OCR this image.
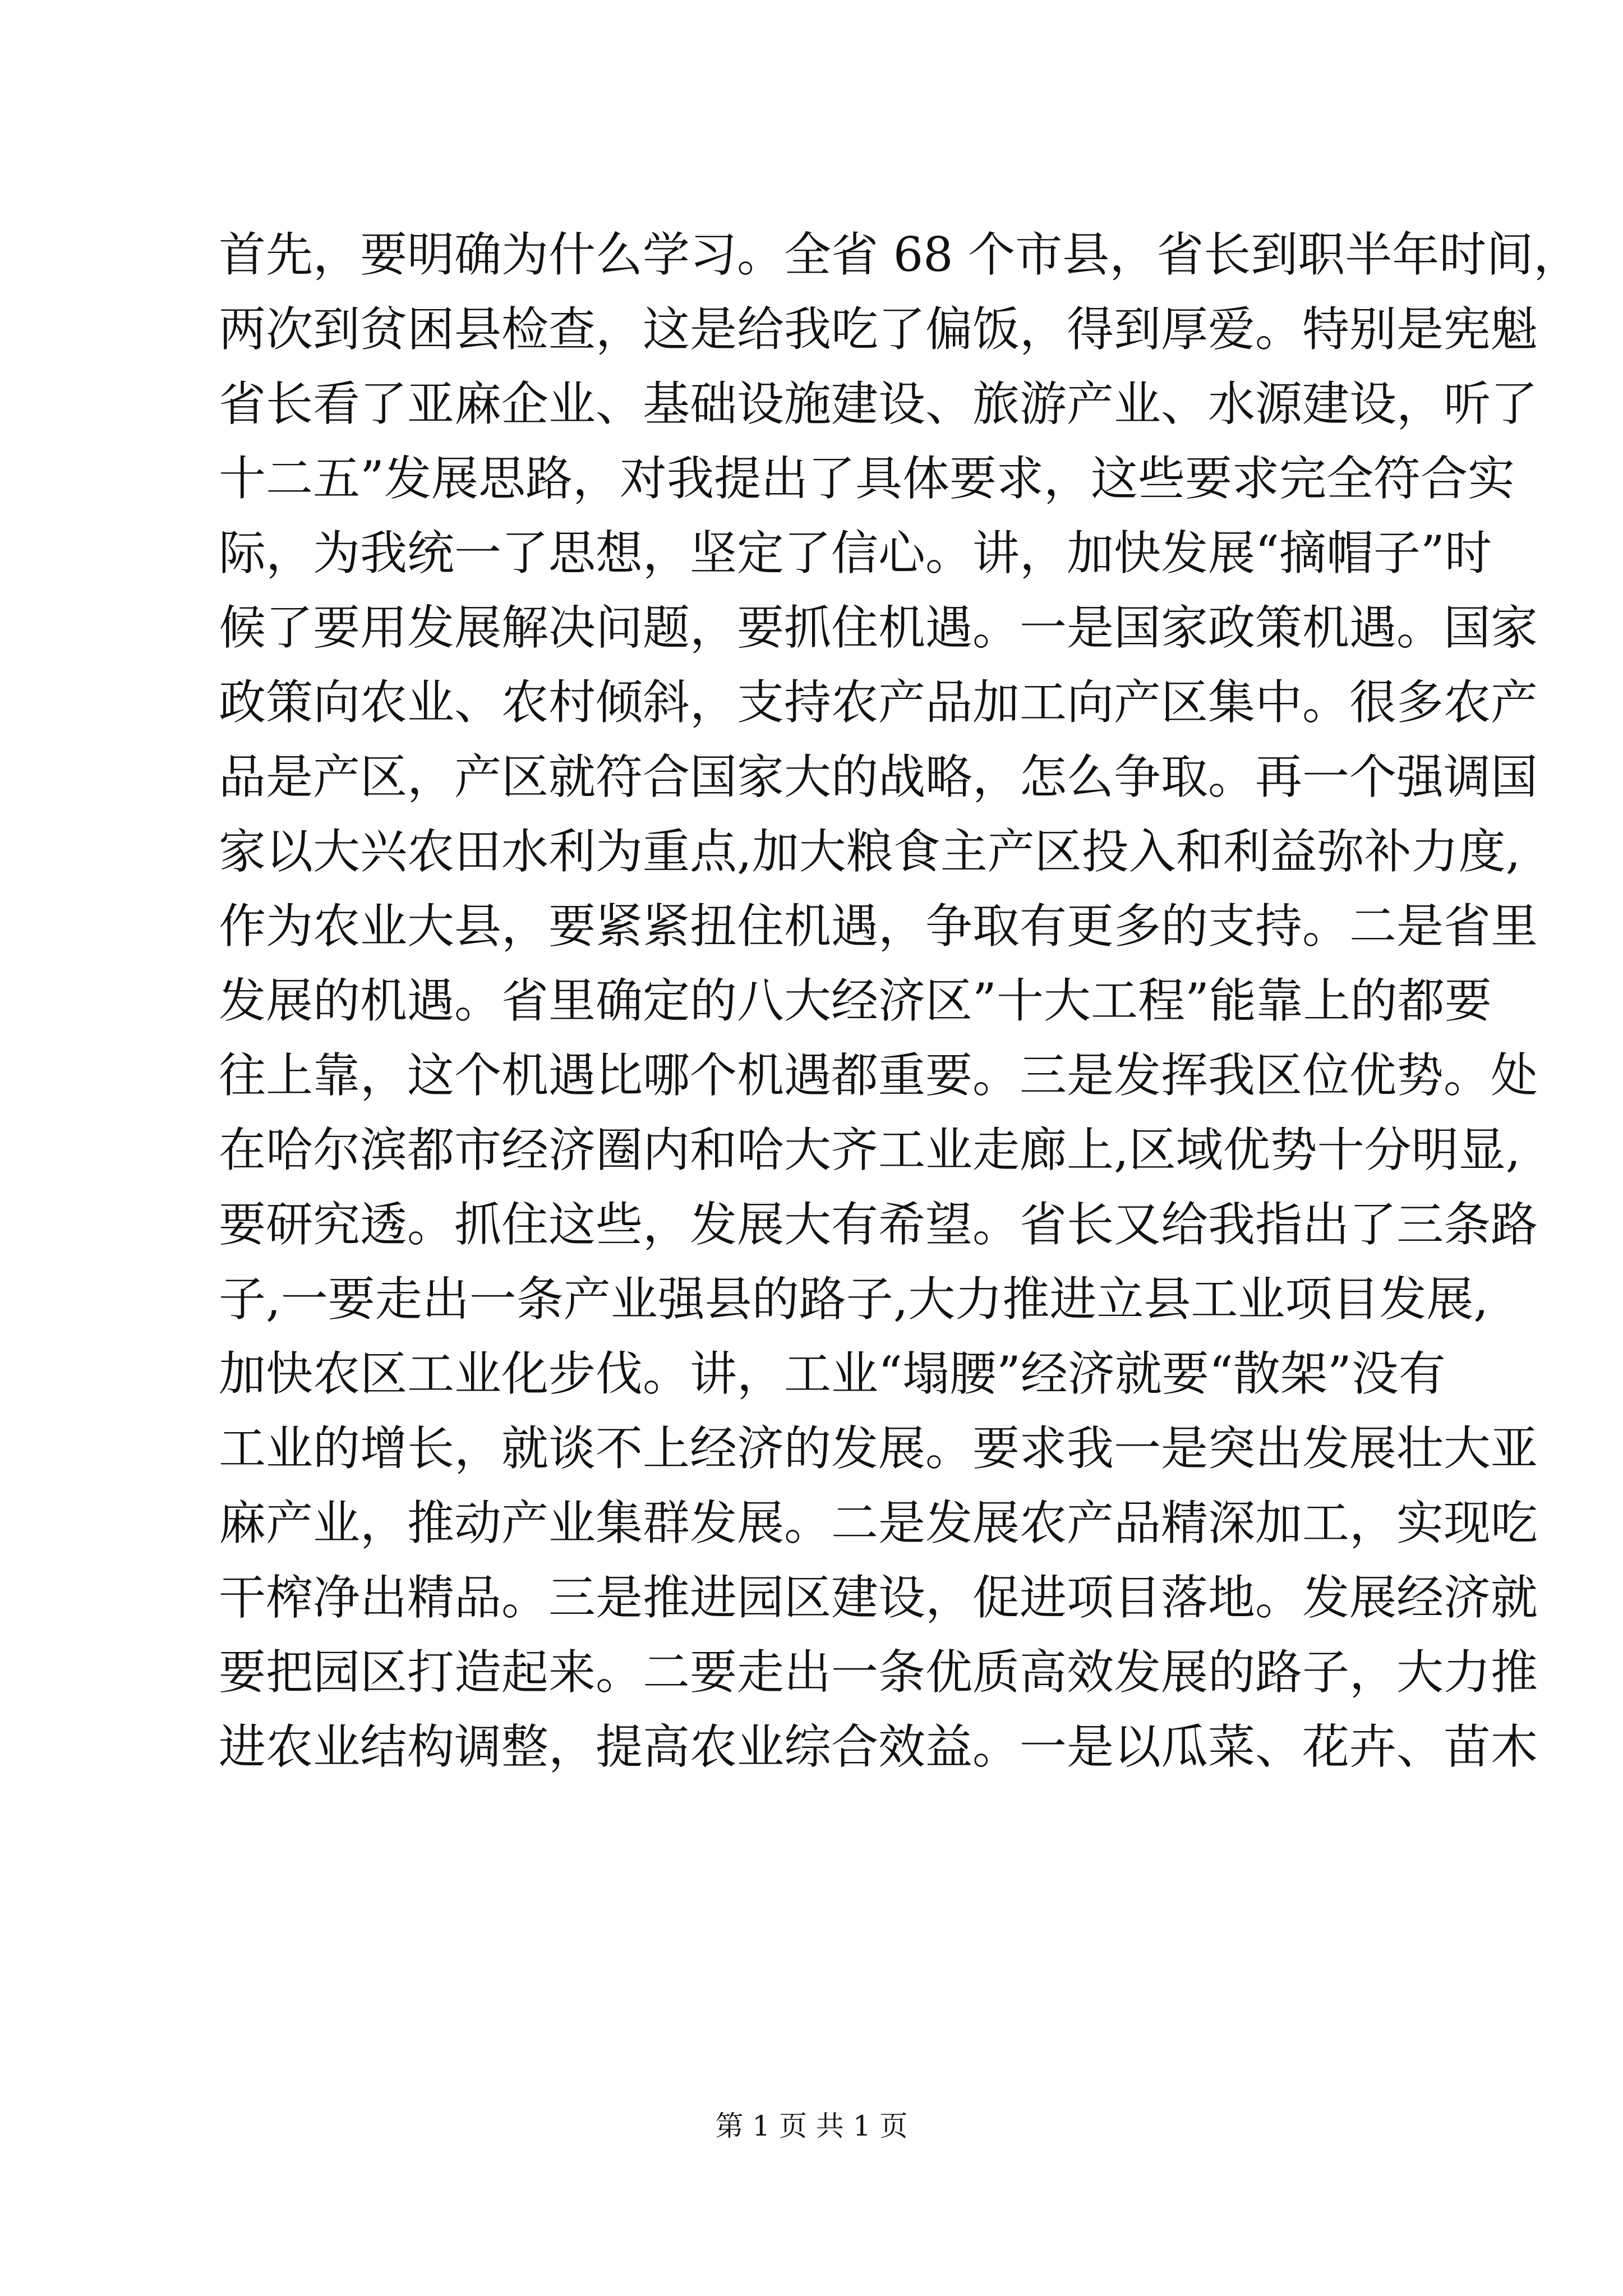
首先，要明确为什么学习。全省 68 个市县，省长到职半年时间，
两次到贫困县检查，这是给我吃了偏饭，得到厚爱。特别是宪魁
省长看了亚麻企业、基础设施建设、旅游产业、水源建设，听了
十二五”发展思路，对我提出了具体要求，这些要求完全符合实
际，为我统一了思想，坚定了信心。讲，加快发展“摘帽子”时
候了要用发展解决问题，要抓住机遇。一是国家政策机遇。国家
政策向农业、农村倾斜，支持农产品加工向产区集中。很多农产
品是产区，产区就符合国家大的战略，怎么争取。再一个强调国
家以大兴农田水利为重点,加大粮食主产区投入和利益弥补力度,
作为农业大县，要紧紧扭住机遇，争取有更多的支持。二是省里
发展的机遇。省里确定的八大经济区”十大工程”能靠上的都要
往上靠，这个机遇比哪个机遇都重要。三是发挥我区位优势。处
在哈尔滨都市经济圈内和哈大齐工业走廊上,区域优势十分明显,
要研究透。抓住这些，发展大有希望。省长又给我指出了三条路
子,一要走出一条产业强县的路子,大力推进立县工业项目发展,
加快农区工业化步伐。讲，工业“塌腰”经济就要“散架”没有
工业的增长，就谈不上经济的发展。要求我一是突出发展壮大亚
麻产业，推动产业集群发展。二是发展农产品精深加工，实现吃
干榨净出精品。三是推进园区建设，促进项目落地。发展经济就
要把园区打造起来。二要走出一条优质高效发展的路子，大力推
进农业结构调整，提高农业综合效益。一是以瓜菜、花卉、苗木
第 1 页 共 1 页
